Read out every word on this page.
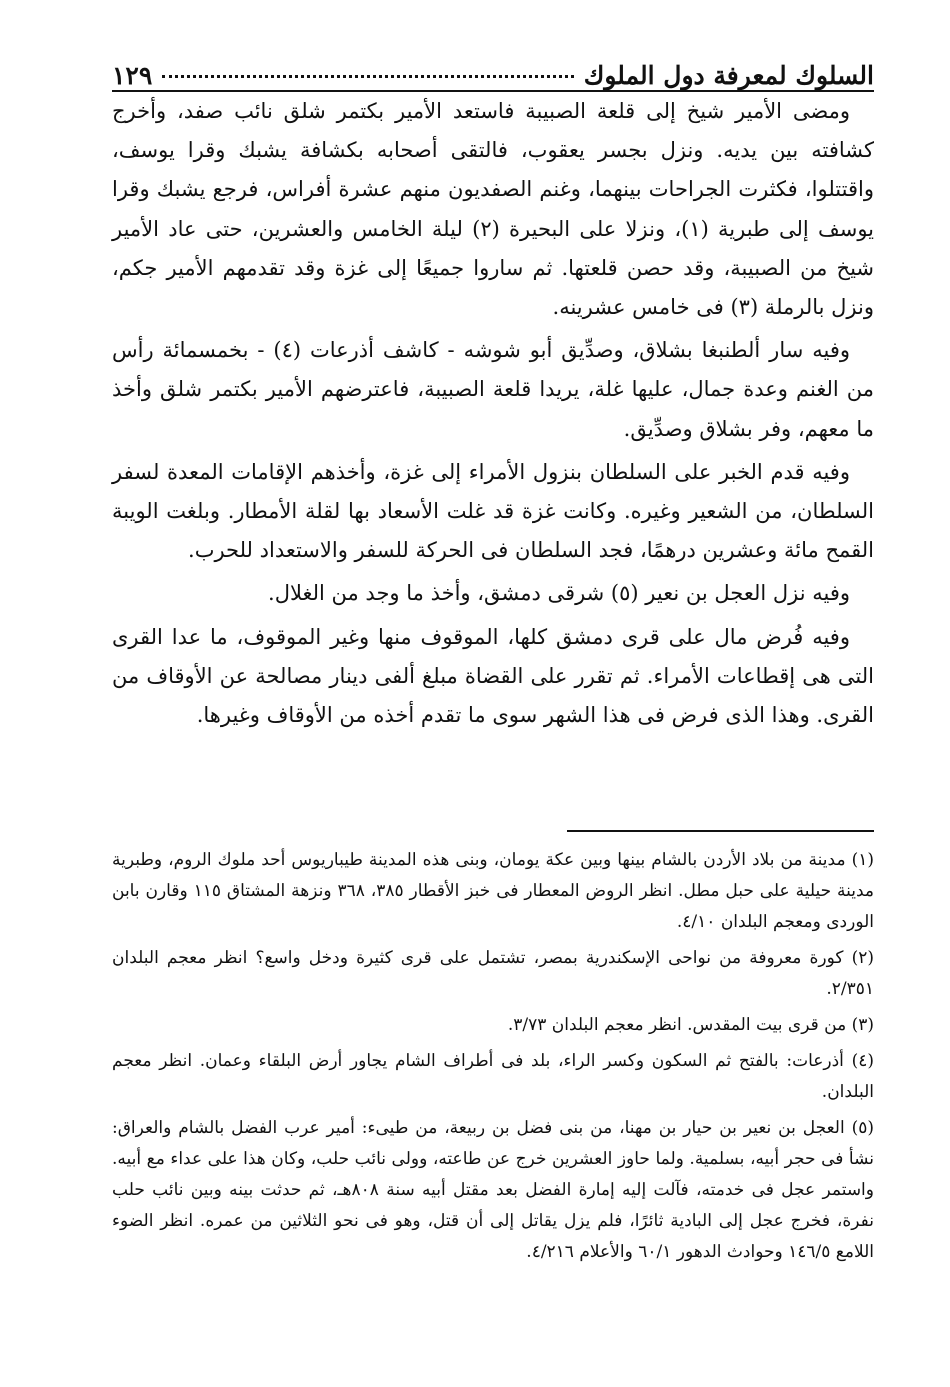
السلوك لمعرفة دول الملوك
١٢٩

ومضى الأمير شيخ إلى قلعة الصبيبة فاستعد الأمير بكتمر شلق نائب صفد، وأخرج كشافته بين يديه. ونزل بجسر يعقوب، فالتقى أصحابه بكشافة يشبك وقرا يوسف، واقتتلوا، فكثرت الجراحات بينهما، وغنم الصفديون منهم عشرة أفراس، فرجع يشبك وقرا يوسف إلى طبرية (١)، ونزلا على البحيرة (٢) ليلة الخامس والعشرين، حتى عاد الأمير شيخ من الصبيبة، وقد حصن قلعتها. ثم ساروا جميعًا إلى غزة وقد تقدمهم الأمير جكم، ونزل بالرملة (٣) فى خامس عشرينه.

وفيه سار ألطنبغا بشلاق، وصدِّيق أبو شوشه - كاشف أذرعات (٤) - بخمسمائة رأس من الغنم وعدة جمال، عليها غلة، يريدا قلعة الصبيبة، فاعترضهم الأمير بكتمر شلق وأخذ ما معهم، وفر بشلاق وصدِّيق.

وفيه قدم الخبر على السلطان بنزول الأمراء إلى غزة، وأخذهم الإقامات المعدة لسفر السلطان، من الشعير وغيره. وكانت غزة قد غلت الأسعاد بها لقلة الأمطار. وبلغت الويبة القمح مائة وعشرين درهمًا، فجد السلطان فى الحركة للسفر والاستعداد للحرب.

وفيه نزل العجل بن نعير (٥) شرقى دمشق، وأخذ ما وجد من الغلال.

وفيه فُرض مال على قرى دمشق كلها، الموقوف منها وغير الموقوف، ما عدا القرى التى هى إقطاعات الأمراء. ثم تقرر على القضاة مبلغ ألفى دينار مصالحة عن الأوقاف من القرى. وهذا الذى فرض فى هذا الشهر سوى ما تقدم أخذه من الأوقاف وغيرها.

(١) مدينة من بلاد الأردن بالشام بينها وبين عكة يومان، وبنى هذه المدينة طيباريوس أحد ملوك الروم، وطبرية مدينة حيلية على حبل مطل. انظر الروض المعطار فى خبز الأقطار ٣٨٥، ٣٦٨ ونزهة المشتاق ١١٥ وقارن بابن الوردى ومعجم البلدان ٤/١٠.

(٢) كورة معروفة من نواحى الإسكندرية بمصر، تشتمل على قرى كثيرة ودخل واسع؟ انظر معجم البلدان ٢/٣٥١.

(٣) من قرى بيت المقدس. انظر معجم البلدان ٣/٧٣.

(٤) أذرعات: بالفتح ثم السكون وكسر الراء، بلد فى أطراف الشام يجاور أرض البلقاء وعمان. انظر معجم البلدان.

(٥) العجل بن نعير بن حيار بن مهنا، من بنى فضل بن ربيعة، من طيىء: أمير عرب الفضل بالشام والعراق: نشأ فى حجر أبيه، بسلمية. ولما حاوز العشرين خرج عن طاعته، وولى نائب حلب، وكان هذا على عداء مع أبيه. واستمر عجل فى خدمته، فآلت إليه إمارة الفضل بعد مقتل أبيه سنة ٨٠٨هـ، ثم حدثت بينه وبين نائب حلب نفرة، فخرج عجل إلى البادية ثائرًا، فلم يزل يقاتل إلى أن قتل، وهو فى نحو الثلاثين من عمره. انظر الضوء اللامع ١٤٦/٥ وحوادث الدهور ٦٠/١ والأعلام ٤/٢١٦.
